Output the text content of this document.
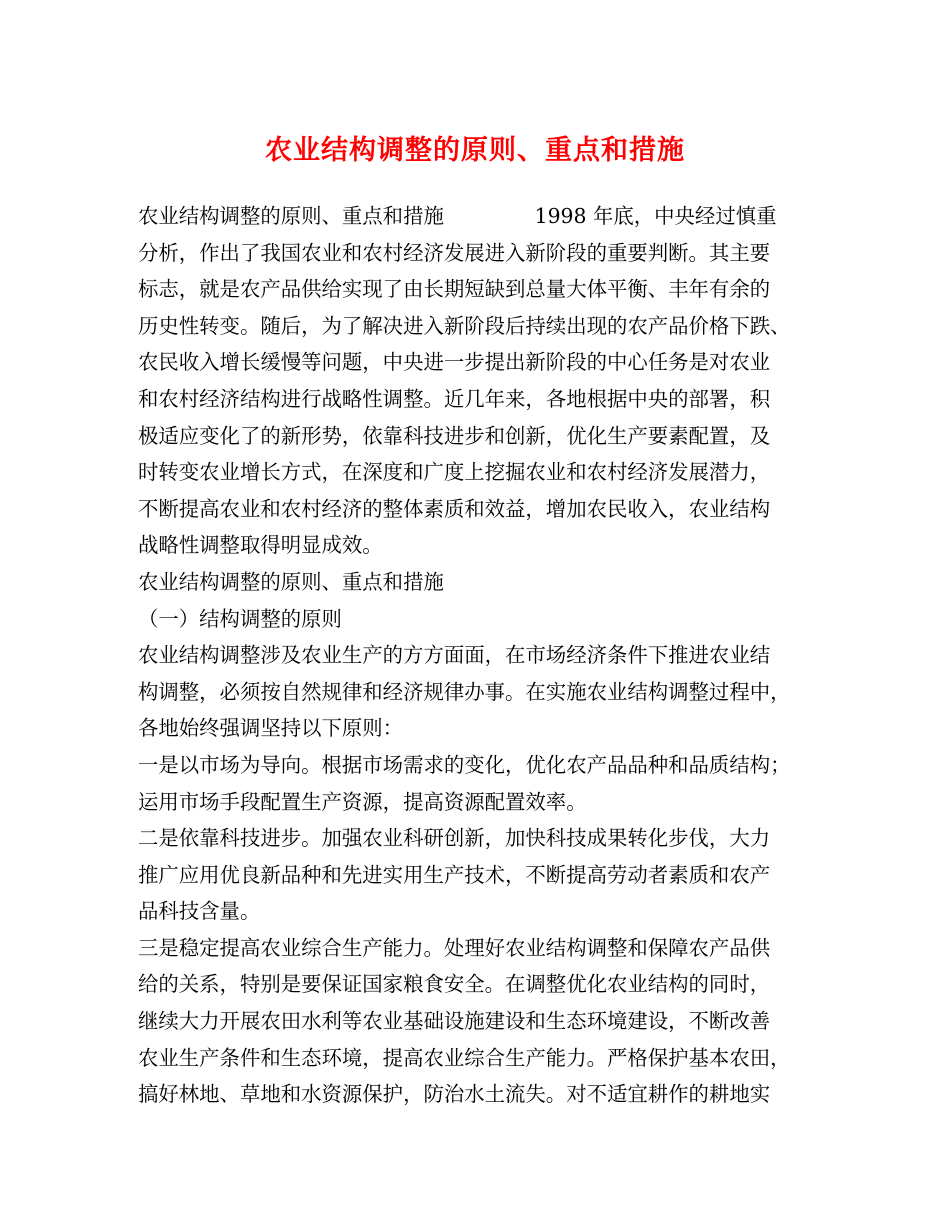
农业结构调整的原则、重点和措施
农业结构调整的原则、重点和措施              1998 年底，中央经过慎重
分析，作出了我国农业和农村经济发展进入新阶段的重要判断。其主要
标志，就是农产品供给实现了由长期短缺到总量大体平衡、丰年有余的
历史性转变。随后，为了解决进入新阶段后持续出现的农产品价格下跌、
农民收入增长缓慢等问题，中央进一步提出新阶段的中心任务是对农业
和农村经济结构进行战略性调整。近几年来，各地根据中央的部署，积
极适应变化了的新形势，依靠科技进步和创新，优化生产要素配置，及
时转变农业增长方式，在深度和广度上挖掘农业和农村经济发展潜力，
不断提高农业和农村经济的整体素质和效益，增加农民收入，农业结构
战略性调整取得明显成效。
农业结构调整的原则、重点和措施
（一）结构调整的原则
农业结构调整涉及农业生产的方方面面，在市场经济条件下推进农业结
构调整，必须按自然规律和经济规律办事。在实施农业结构调整过程中，
各地始终强调坚持以下原则：
一是以市场为导向。根据市场需求的变化，优化农产品品种和品质结构；
运用市场手段配置生产资源，提高资源配置效率。
二是依靠科技进步。加强农业科研创新，加快科技成果转化步伐，大力
推广应用优良新品种和先进实用生产技术，不断提高劳动者素质和农产
品科技含量。
三是稳定提高农业综合生产能力。处理好农业结构调整和保障农产品供
给的关系，特别是要保证国家粮食安全。在调整优化农业结构的同时，
继续大力开展农田水利等农业基础设施建设和生态环境建设，不断改善
农业生产条件和生态环境，提高农业综合生产能力。严格保护基本农田，
搞好林地、草地和水资源保护，防治水土流失。对不适宜耕作的耕地实
